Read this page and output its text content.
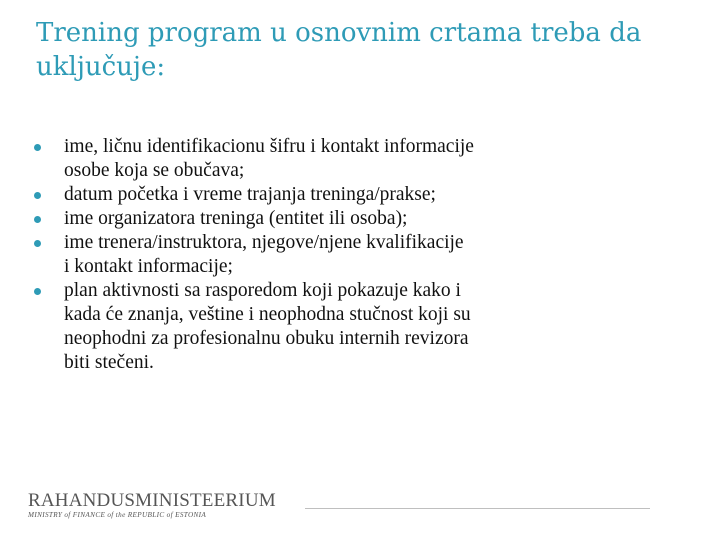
Trening program u osnovnim crtama treba da
uključuje:
ime, ličnu identifikacionu šifru i kontakt informacije
osobe koja se obučava;
datum početka i vreme trajanja treninga/prakse;
ime organizatora treninga (entitet ili osoba);
ime trenera/instruktora, njegove/njene kvalifikacije
i kontakt informacije;
plan aktivnosti sa rasporedom koji pokazuje kako i
kada će znanja, veštine i neophodna stučnost koji su
neophodni za profesionalnu obuku internih revizora
biti stečeni.
RAHANDUSMINISTEERIUM
MINISTRY of FINANCE of the REPUBLIC of ESTONIA
